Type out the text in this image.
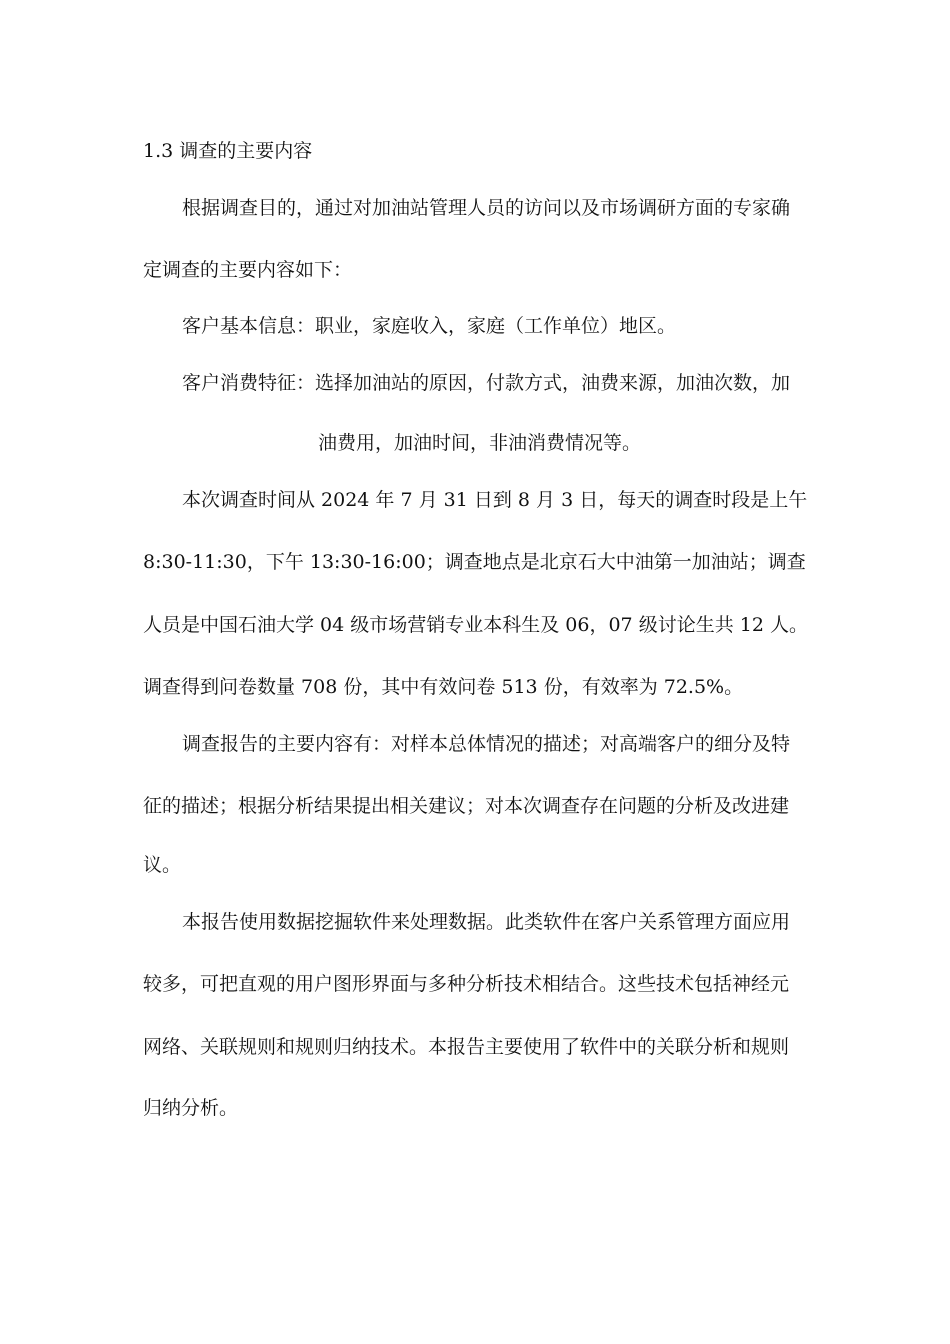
1.3 调查的主要内容
根据调查目的，通过对加油站管理人员的访问以及市场调研方面的专家确
定调查的主要内容如下：
客户基本信息：职业，家庭收入，家庭（工作单位）地区。
客户消费特征：选择加油站的原因，付款方式，油费来源，加油次数，加
油费用，加油时间，非油消费情况等。
本次调查时间从 2024 年 7 月 31 日到 8 月 3 日，每天的调查时段是上午
8:30-11:30，下午 13:30-16:00；调查地点是北京石大中油第一加油站；调查
人员是中国石油大学 04 级市场营销专业本科生及 06，07 级讨论生共 12 人。
调查得到问卷数量 708 份，其中有效问卷 513 份，有效率为 72.5%。
调查报告的主要内容有：对样本总体情况的描述；对高端客户的细分及特
征的描述；根据分析结果提出相关建议；对本次调查存在问题的分析及改进建
议。
本报告使用数据挖掘软件来处理数据。此类软件在客户关系管理方面应用
较多，可把直观的用户图形界面与多种分析技术相结合。这些技术包括神经元
网络、关联规则和规则归纳技术。本报告主要使用了软件中的关联分析和规则
归纳分析。
